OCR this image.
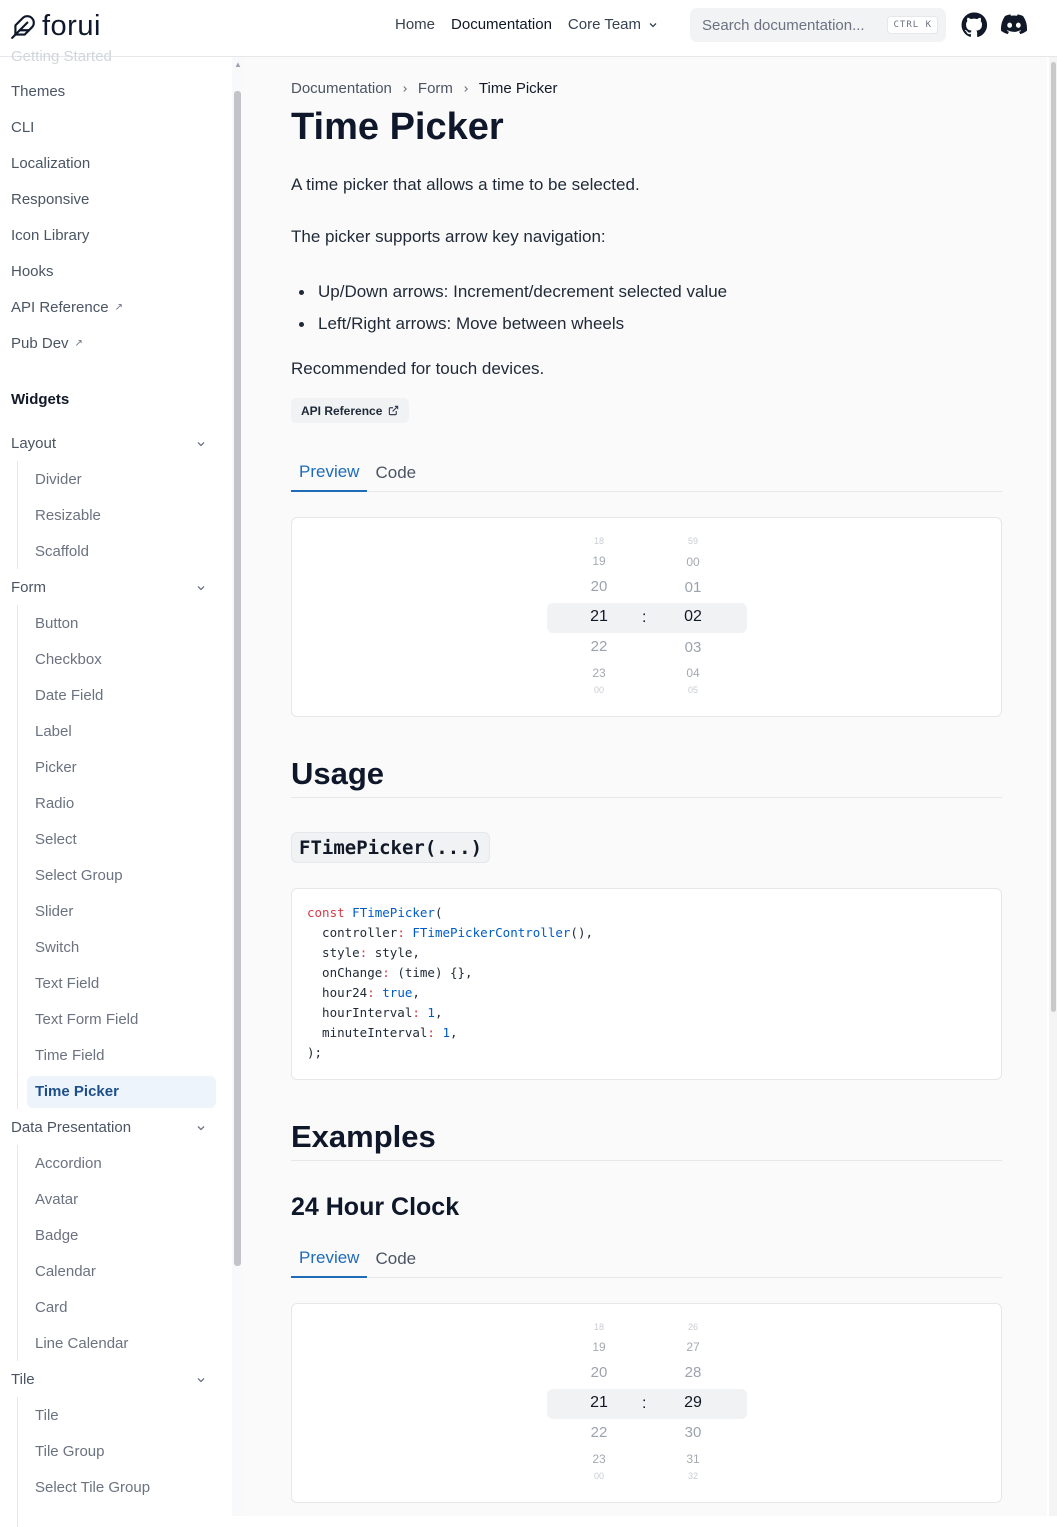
forui	Home Documentation Core Team	Search documentation...	CTRL K
Getting Started
Themes
CLI
Localization
Responsive
Icon Library
Hooks
API Reference ↗
Pub Dev ↗
Widgets
Layout
Divider
Resizable
Scaffold
Form
Button
Checkbox
Date Field
Label
Picker
Radio
Select
Select Group
Slider
Switch
Text Field
Text Form Field
Time Field
Time Picker
Data Presentation
Accordion
Avatar
Badge
Calendar
Card
Line Calendar
Tile
Tile
Tile Group
Select Tile Group
▲
Documentation Form Time Picker
Time Picker

A time picker that allows a time to be selected.

The picker supports arrow key navigation:

Up/Down arrows: Increment/decrement selected value
Left/Right arrows: Move between wheels

Recommended for touch devices.

API Reference
Preview Code
18
19
20
21
22
23
00
:
59
00
01
02
03
04
05
Usage
FTimePicker(...)
const FTimePicker(
controller: FTimePickerController(),
style: style,
onChange: (time) {},
hour24: true,
hourInterval: 1,
minuteInterval: 1,
);
Examples
24 Hour Clock
Preview Code
18
19
20
21
22
23
00
:
26
27
28
29
30
31
32
